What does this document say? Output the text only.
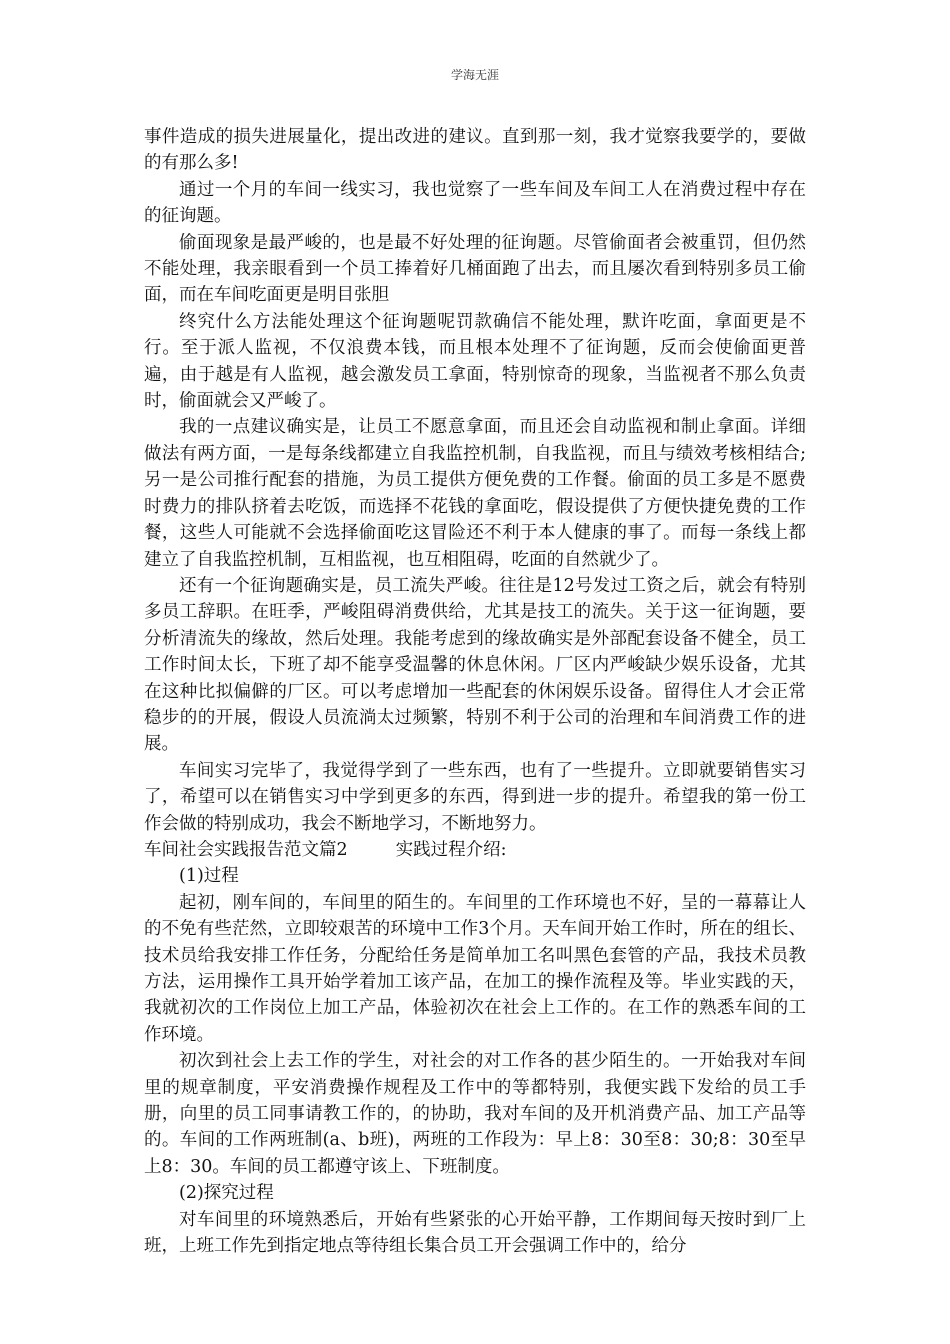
学海无涯

事件造成的损失进展量化，提出改进的建议。直到那一刻，我才觉察我要学的，要做的有那么多!

通过一个月的车间一线实习，我也觉察了一些车间及车间工人在消费过程中存在的征询题。

偷面现象是最严峻的，也是最不好处理的征询题。尽管偷面者会被重罚，但仍然不能处理，我亲眼看到一个员工捧着好几桶面跑了出去，而且屡次看到特别多员工偷面，而在车间吃面更是明目张胆

终究什么方法能处理这个征询题呢罚款确信不能处理，默许吃面，拿面更是不行。至于派人监视，不仅浪费本钱，而且根本处理不了征询题，反而会使偷面更普遍，由于越是有人监视，越会激发员工拿面，特别惊奇的现象，当监视者不那么负责时，偷面就会又严峻了。

我的一点建议确实是，让员工不愿意拿面，而且还会自动监视和制止拿面。详细做法有两方面，一是每条线都建立自我监控机制，自我监视，而且与绩效考核相结合;另一是公司推行配套的措施，为员工提供方便免费的工作餐。偷面的员工多是不愿费时费力的排队挤着去吃饭，而选择不花钱的拿面吃，假设提供了方便快捷免费的工作餐，这些人可能就不会选择偷面吃这冒险还不利于本人健康的事了。而每一条线上都建立了自我监控机制，互相监视，也互相阻碍，吃面的自然就少了。

还有一个征询题确实是，员工流失严峻。往往是12号发过工资之后，就会有特别多员工辞职。在旺季，严峻阻碍消费供给，尤其是技工的流失。关于这一征询题，要分析清流失的缘故，然后处理。我能考虑到的缘故确实是外部配套设备不健全，员工工作时间太长，下班了却不能享受温馨的休息休闲。厂区内严峻缺少娱乐设备，尤其在这种比拟偏僻的厂区。可以考虑增加一些配套的休闲娱乐设备。留得住人才会正常稳步的的开展，假设人员流淌太过频繁，特别不利于公司的治理和车间消费工作的进展。

车间实习完毕了，我觉得学到了一些东西，也有了一些提升。立即就要销售实习了，希望可以在销售实习中学到更多的东西，得到进一步的提升。希望我的第一份工作会做的特别成功，我会不断地学习，不断地努力。

车间社会实践报告范文篇2	实践过程介绍:

(1)过程

起初，刚车间的，车间里的陌生的。车间里的工作环境也不好，呈的一幕幕让人的不免有些茫然，立即较艰苦的环境中工作3个月。天车间开始工作时，所在的组长、技术员给我安排工作任务，分配给任务是简单加工名叫黑色套管的产品，我技术员教方法，运用操作工具开始学着加工该产品，在加工的操作流程及等。毕业实践的天，我就初次的工作岗位上加工产品，体验初次在社会上工作的。在工作的熟悉车间的工作环境。

初次到社会上去工作的学生，对社会的对工作各的甚少陌生的。一开始我对车间里的规章制度，平安消费操作规程及工作中的等都特别，我便实践下发给的员工手册，向里的员工同事请教工作的，的协助，我对车间的及开机消费产品、加工产品等的。车间的工作两班制(a、b班)，两班的工作段为：早上8：30至8：30;8：30至早上8：30。车间的员工都遵守该上、下班制度。

(2)探究过程

对车间里的环境熟悉后，开始有些紧张的心开始平静，工作期间每天按时到厂上班，上班工作先到指定地点等待组长集合员工开会强调工作中的，给分
